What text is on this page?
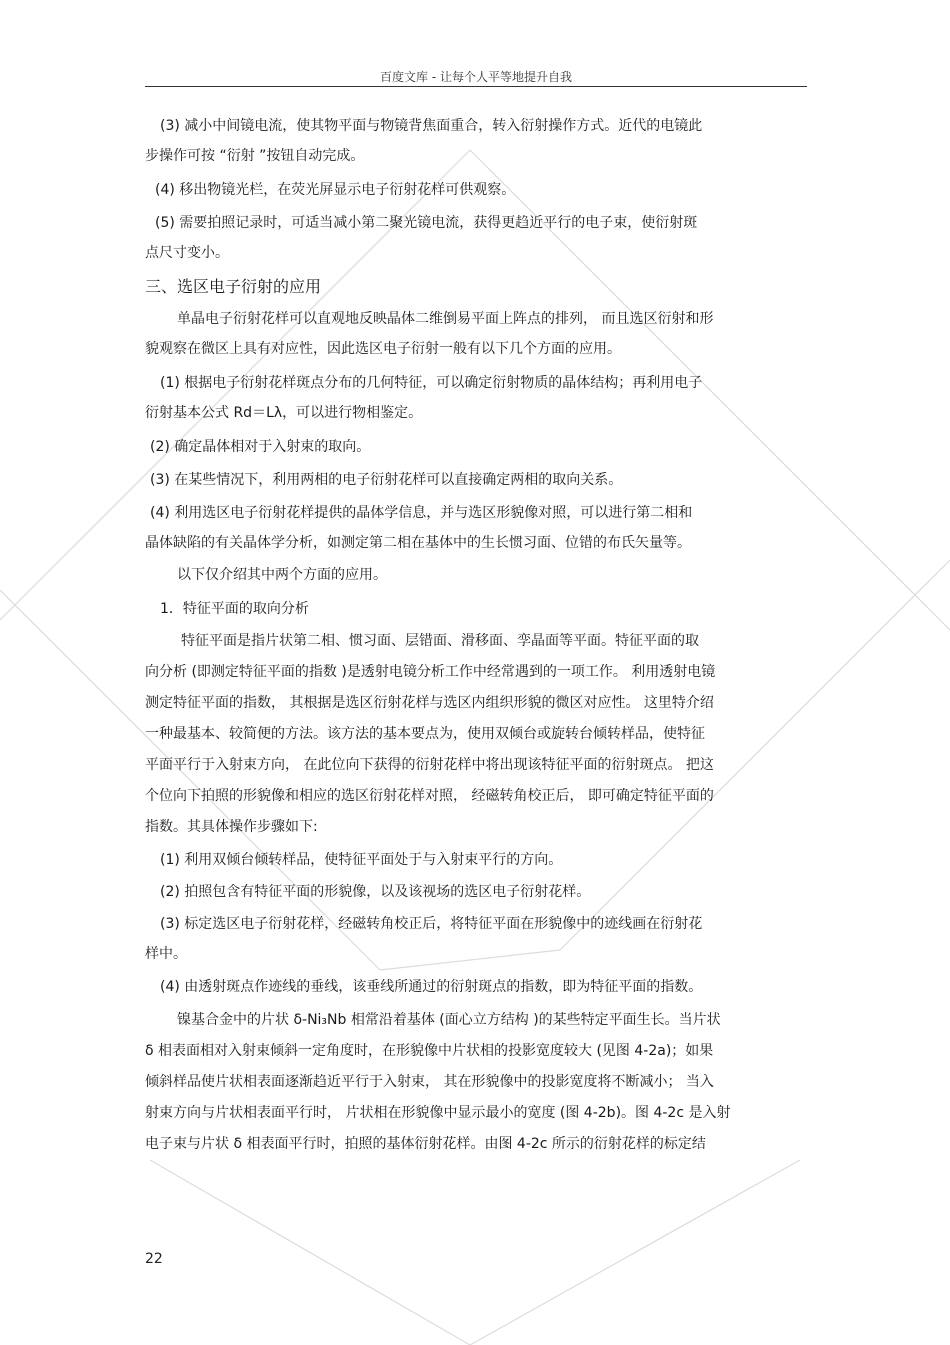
百度文库 - 让每个人平等地提升自我

(3) 减小中间镜电流，使其物平面与物镜背焦面重合，转入衍射操作方式。近代的电镜此

步操作可按 “衍射 ”按钮自动完成。

(4) 移出物镜光栏，在荧光屏显示电子衍射花样可供观察。

(5) 需要拍照记录时，可适当减小第二聚光镜电流，获得更趋近平行的电子束，使衍射斑

点尺寸变小。

三、选区电子衍射的应用

单晶电子衍射花样可以直观地反映晶体二维倒易平面上阵点的排列， 而且选区衍射和形

貌观察在微区上具有对应性，因此选区电子衍射一般有以下几个方面的应用。

(1) 根据电子衍射花样斑点分布的几何特征，可以确定衍射物质的晶体结构；再利用电子

衍射基本公式 Rd＝Lλ，可以进行物相鉴定。

(2) 确定晶体相对于入射束的取向。

(3) 在某些情况下，利用两相的电子衍射花样可以直接确定两相的取向关系。

(4) 利用选区电子衍射花样提供的晶体学信息，并与选区形貌像对照，可以进行第二相和

晶体缺陷的有关晶体学分析，如测定第二相在基体中的生长惯习面、位错的布氏矢量等。

以下仅介绍其中两个方面的应用。

1．特征平面的取向分析

特征平面是指片状第二相、惯习面、层错面、滑移面、孪晶面等平面。特征平面的取

向分析 (即测定特征平面的指数 )是透射电镜分析工作中经常遇到的一项工作。 利用透射电镜

测定特征平面的指数， 其根据是选区衍射花样与选区内组织形貌的微区对应性。 这里特介绍

一种最基本、较简便的方法。该方法的基本要点为，使用双倾台或旋转台倾转样品，使特征

平面平行于入射束方向， 在此位向下获得的衍射花样中将出现该特征平面的衍射斑点。 把这

个位向下拍照的形貌像和相应的选区衍射花样对照， 经磁转角校正后， 即可确定特征平面的

指数。其具体操作步骤如下:

(1) 利用双倾台倾转样品，使特征平面处于与入射束平行的方向。

(2) 拍照包含有特征平面的形貌像，以及该视场的选区电子衍射花样。

(3) 标定选区电子衍射花样，经磁转角校正后，将特征平面在形貌像中的迹线画在衍射花

样中。

(4) 由透射斑点作迹线的垂线，该垂线所通过的衍射斑点的指数，即为特征平面的指数。

镍基合金中的片状 δ-Ni₃Nb 相常沿着基体 (面心立方结构 )的某些特定平面生长。当片状

δ 相表面相对入射束倾斜一定角度时，在形貌像中片状相的投影宽度较大 (见图 4-2a)；如果

倾斜样品使片状相表面逐渐趋近平行于入射束， 其在形貌像中的投影宽度将不断减小； 当入

射束方向与片状相表面平行时， 片状相在形貌像中显示最小的宽度 (图 4-2b)。图 4-2c 是入射

电子束与片状 δ 相表面平行时，拍照的基体衍射花样。由图 4-2c 所示的衍射花样的标定结

22
